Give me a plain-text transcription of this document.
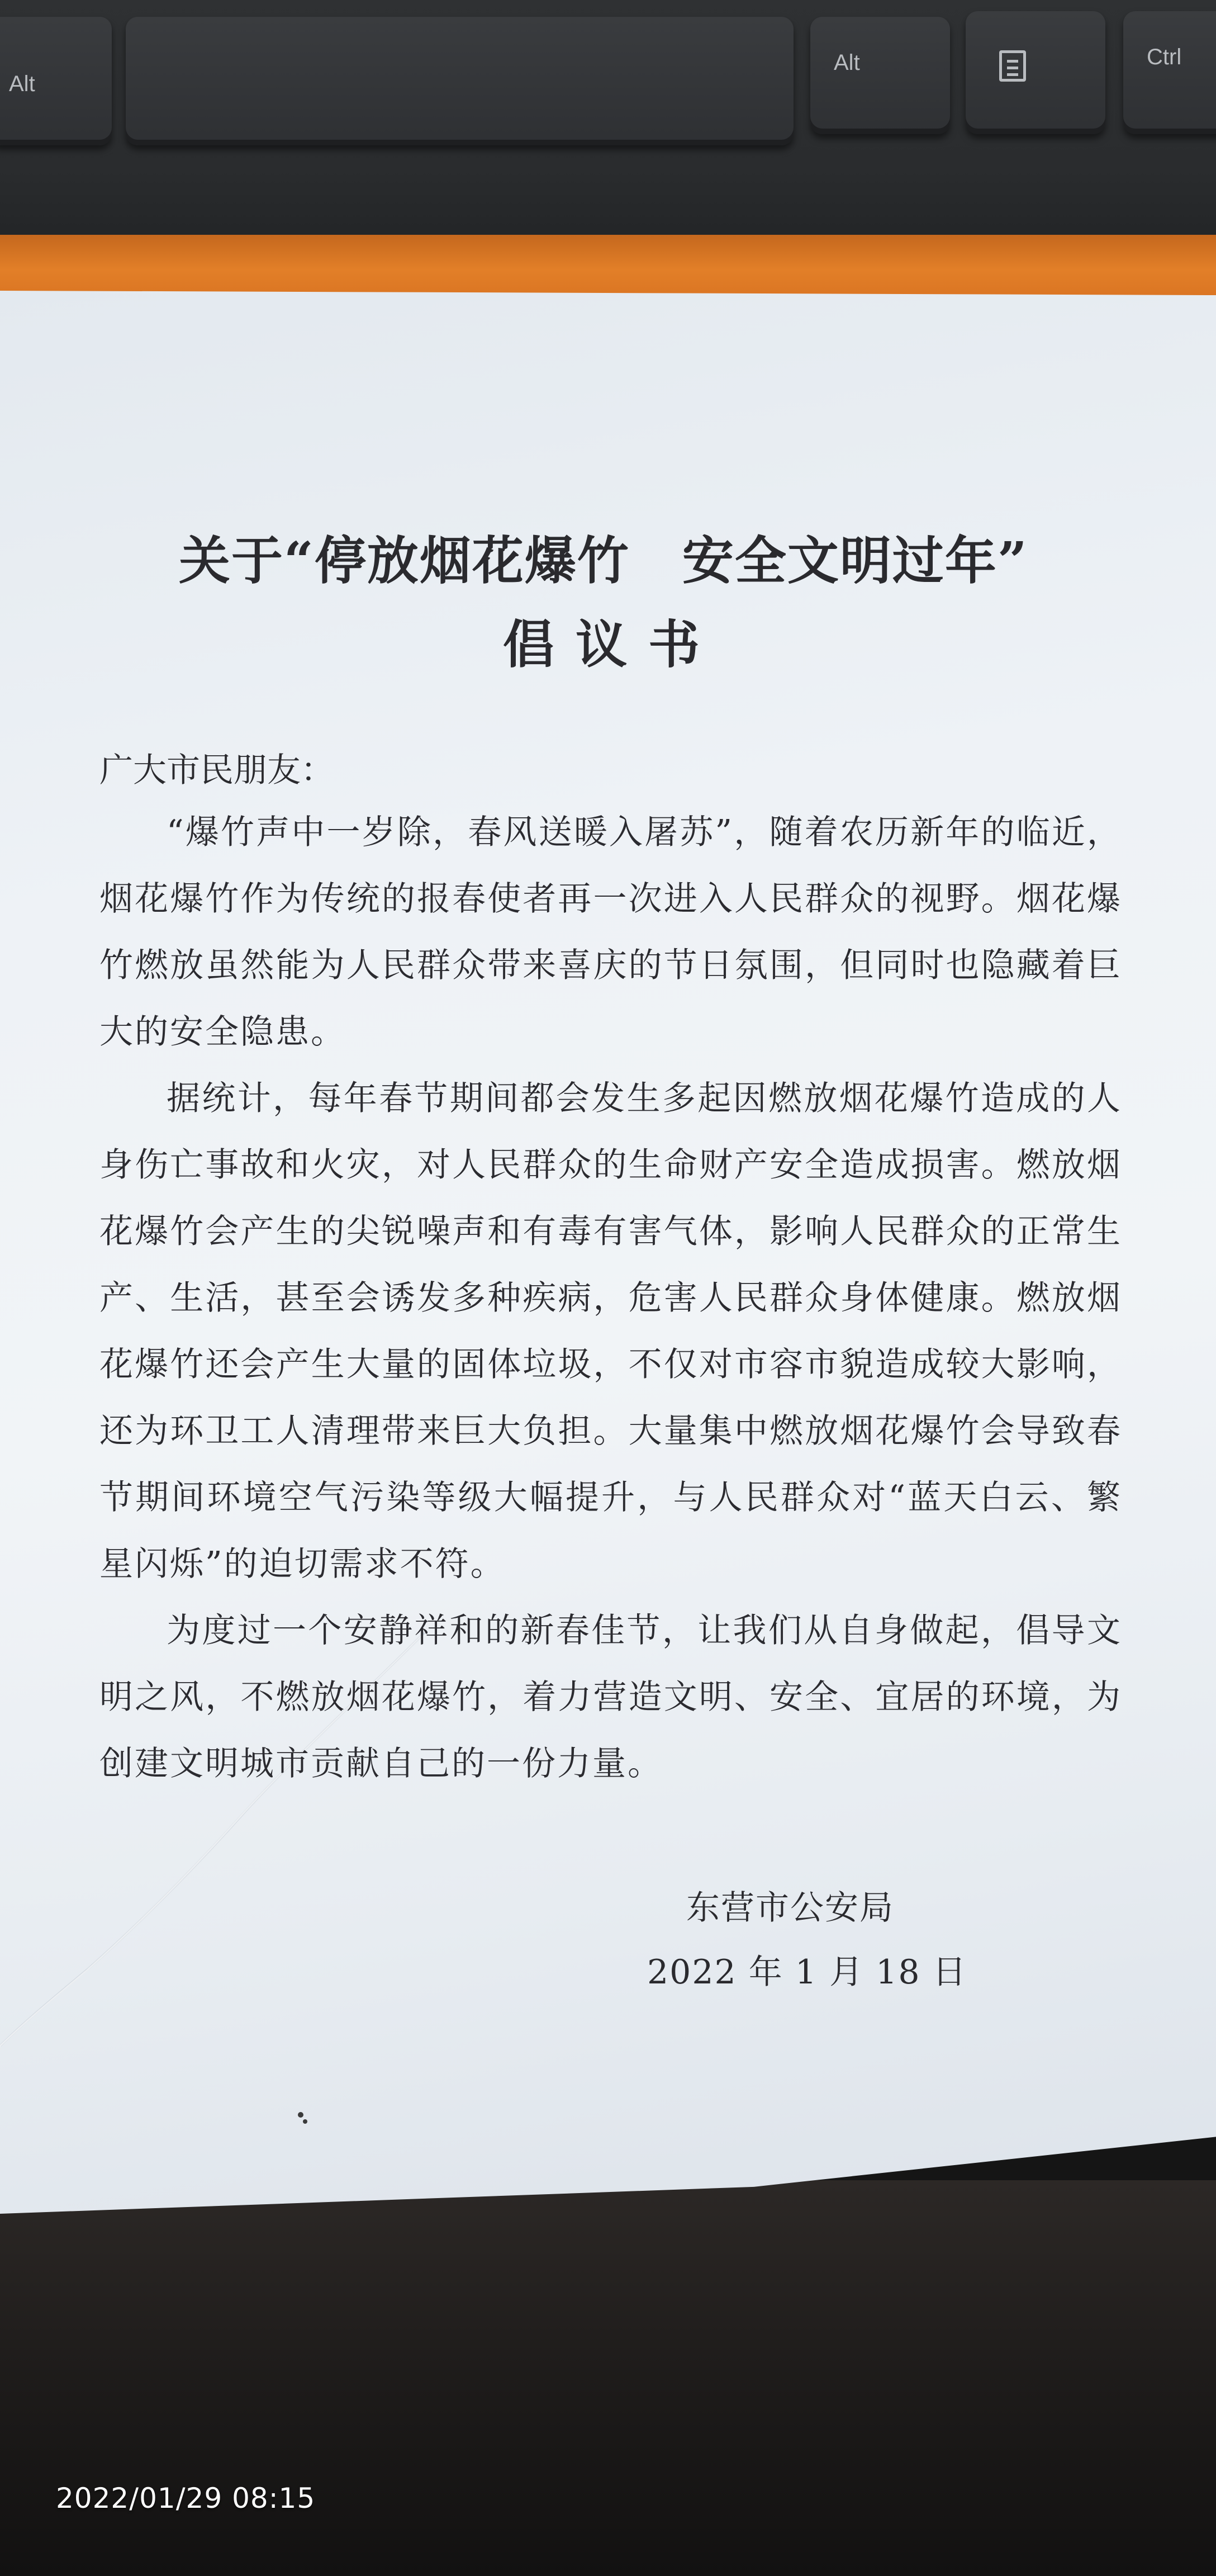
Alt
Alt	Ctrl
关于“停放烟花爆竹　安全文明过年”
倡议书
广大市民朋友：

“爆竹声中一岁除，春风送暖入屠苏”，随着农历新年的临近，烟花爆竹作为传统的报春使者再一次进入人民群众的视野。烟花爆竹燃放虽然能为人民群众带来喜庆的节日氛围，但同时也隐藏着巨大的安全隐患。

据统计，每年春节期间都会发生多起因燃放烟花爆竹造成的人身伤亡事故和火灾，对人民群众的生命财产安全造成损害。燃放烟花爆竹会产生的尖锐噪声和有毒有害气体，影响人民群众的正常生产、生活，甚至会诱发多种疾病，危害人民群众身体健康。燃放烟花爆竹还会产生大量的固体垃圾，不仅对市容市貌造成较大影响，还为环卫工人清理带来巨大负担。大量集中燃放烟花爆竹会导致春节期间环境空气污染等级大幅提升，与人民群众对“蓝天白云、繁星闪烁”的迫切需求不符。

为度过一个安静祥和的新春佳节，让我们从自身做起，倡导文明之风，不燃放烟花爆竹，着力营造文明、安全、宜居的环境，为创建文明城市贡献自己的一份力量。

东营市公安局
2022 年 1 月 18 日
2022/01/29 08:15
